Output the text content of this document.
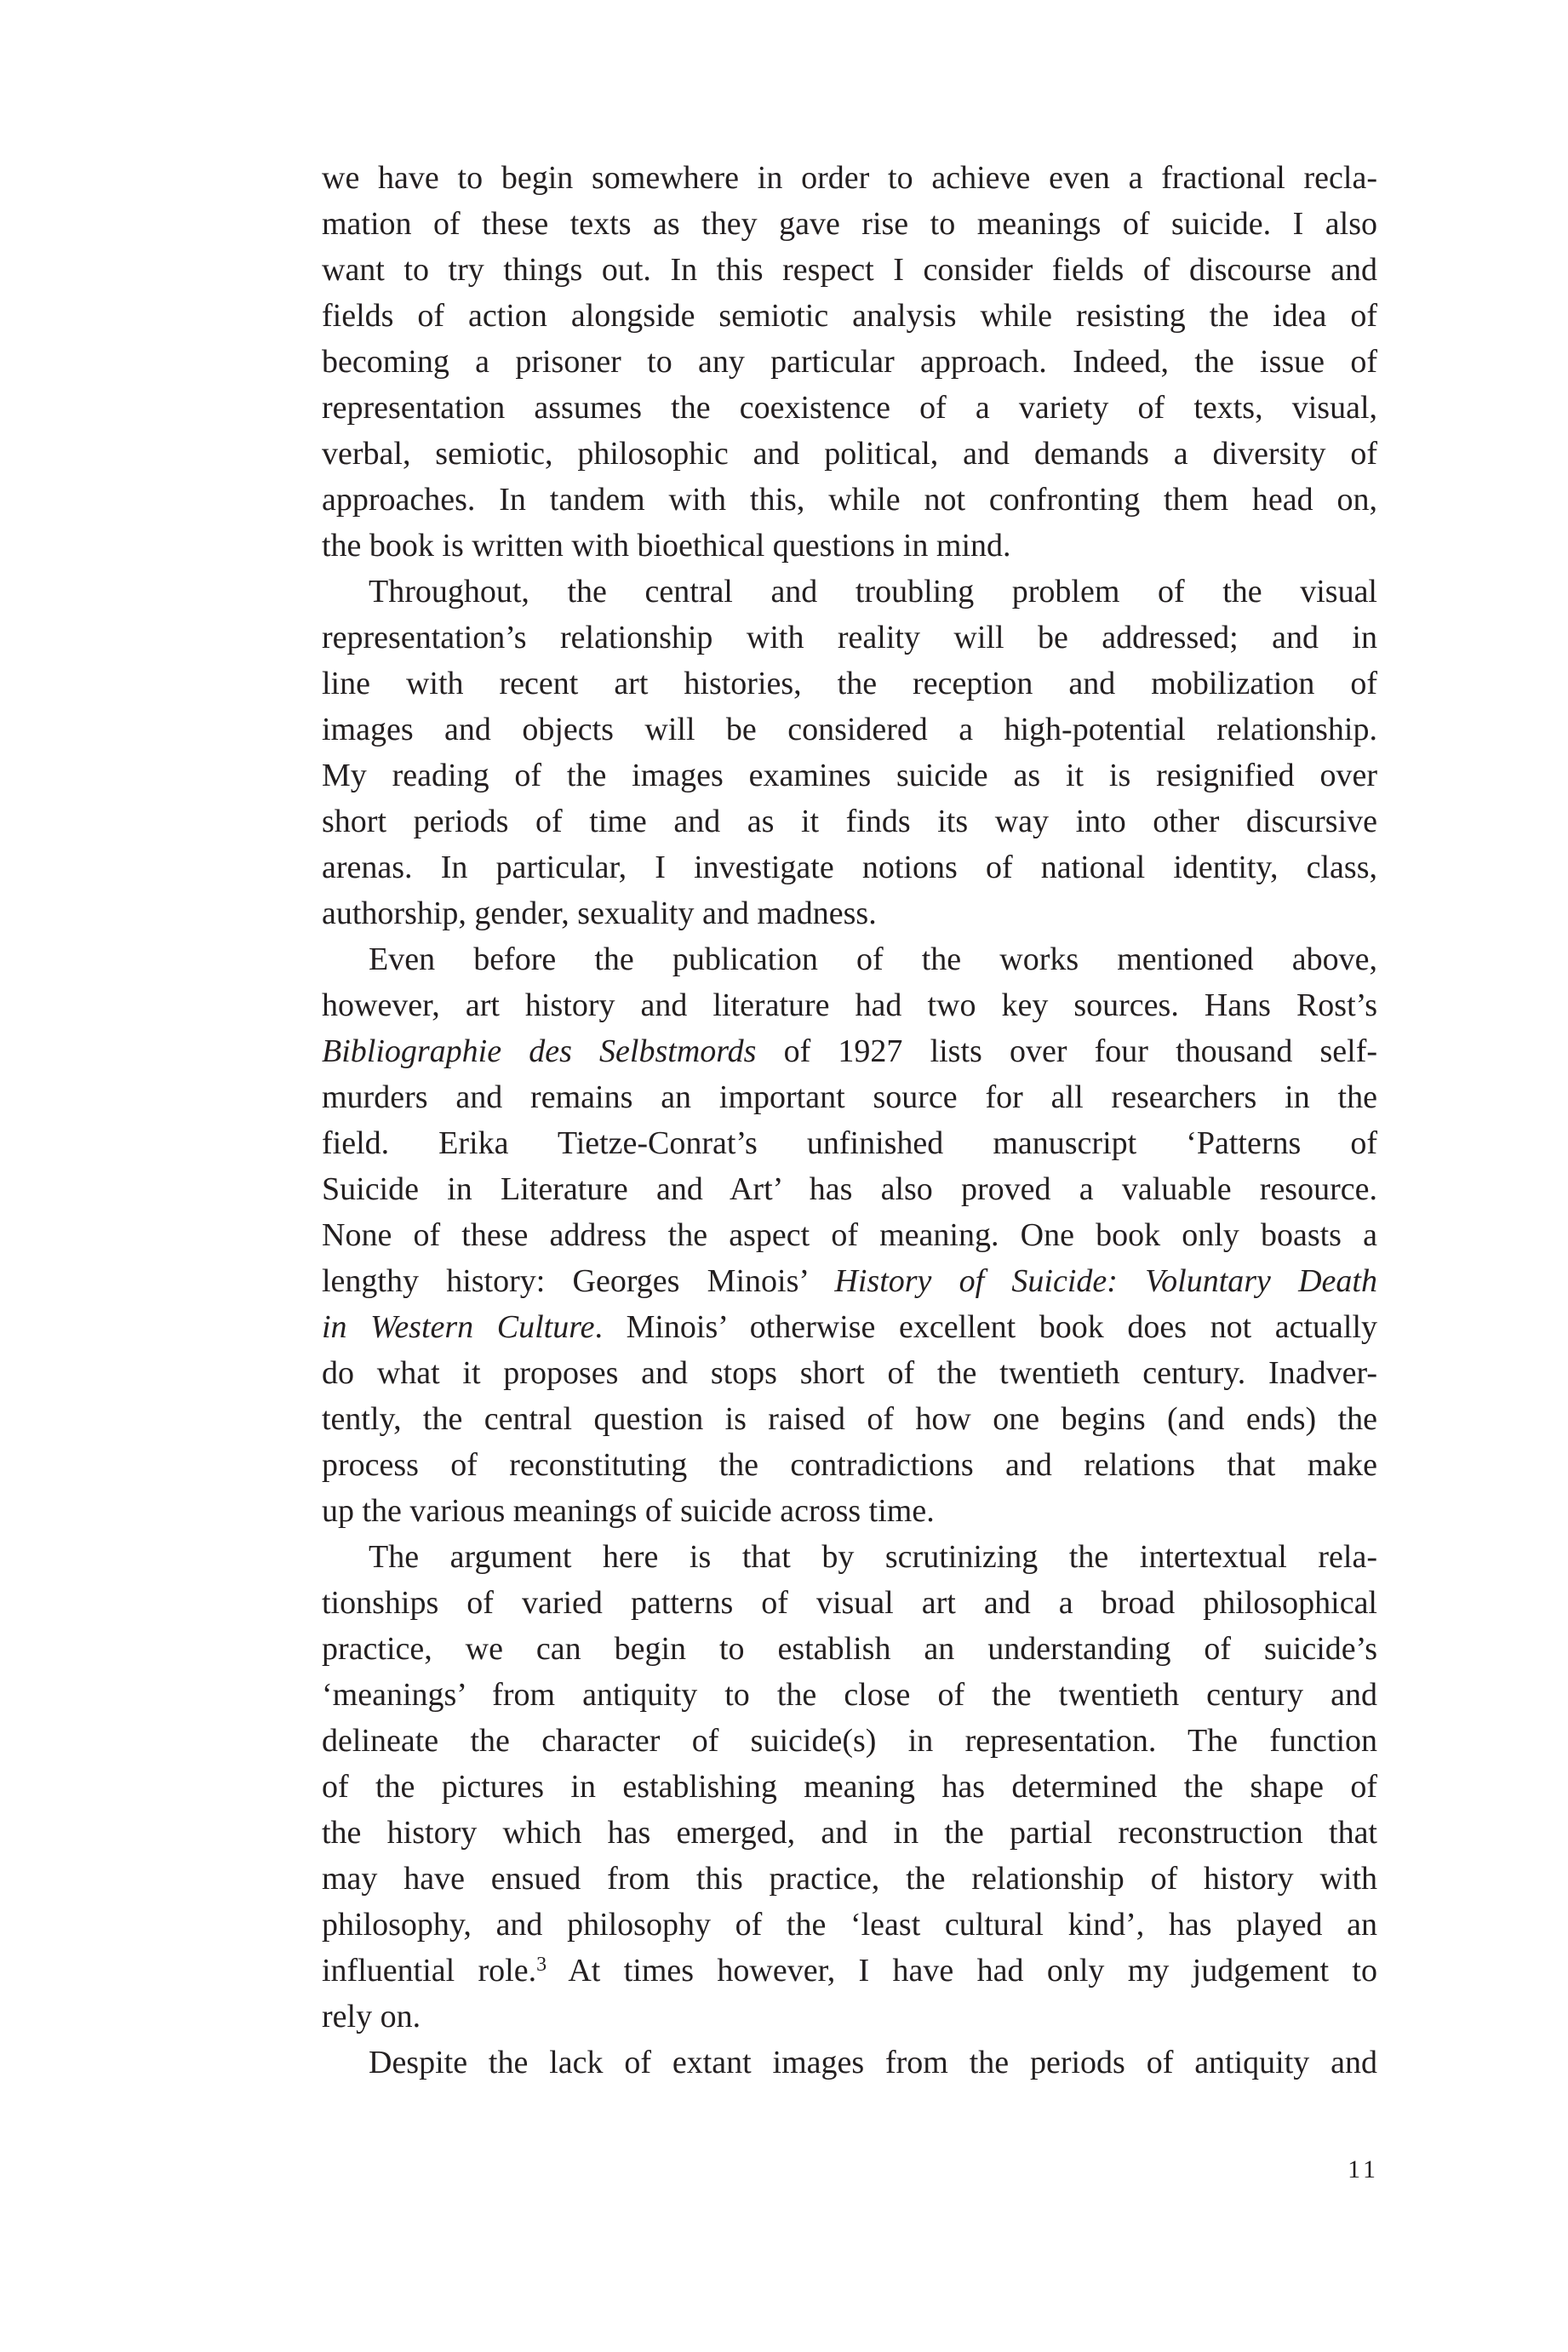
we have to begin somewhere in order to achieve even a fractional recla-
mation of these texts as they gave rise to meanings of suicide. I also
want to try things out. In this respect I consider fields of discourse and
fields of action alongside semiotic analysis while resisting the idea of
becoming a prisoner to any particular approach. Indeed, the issue of
representation assumes the coexistence of a variety of texts, visual,
verbal, semiotic, philosophic and political, and demands a diversity of
approaches. In tandem with this, while not confronting them head on,
the book is written with bioethical questions in mind.
Throughout, the central and troubling problem of the visual
representation’s relationship with reality will be addressed; and in
line with recent art histories, the reception and mobilization of
images and objects will be considered a high-potential relationship.
My reading of the images examines suicide as it is resignified over
short periods of time and as it finds its way into other discursive
arenas. In particular, I investigate notions of national identity, class,
authorship, gender, sexuality and madness.
Even before the publication of the works mentioned above,
however, art history and literature had two key sources. Hans Rost’s
Bibliographie des Selbstmords of 1927 lists over four thousand self-
murders and remains an important source for all researchers in the
field. Erika Tietze-Conrat’s unfinished manuscript ‘Patterns of
Suicide in Literature and Art’ has also proved a valuable resource.
None of these address the aspect of meaning. One book only boasts a
lengthy history: Georges Minois’ History of Suicide: Voluntary Death
in Western Culture. Minois’ otherwise excellent book does not actually
do what it proposes and stops short of the twentieth century. Inadver-
tently, the central question is raised of how one begins (and ends) the
process of reconstituting the contradictions and relations that make
up the various meanings of suicide across time.
The argument here is that by scrutinizing the intertextual rela-
tionships of varied patterns of visual art and a broad philosophical
practice, we can begin to establish an understanding of suicide’s
‘meanings’ from antiquity to the close of the twentieth century and
delineate the character of suicide(s) in representation. The function
of the pictures in establishing meaning has determined the shape of
the history which has emerged, and in the partial reconstruction that
may have ensued from this practice, the relationship of history with
philosophy, and philosophy of the ‘least cultural kind’, has played an
influential role.$^3$ At times however, I have had only my judgement to
rely on.
Despite the lack of extant images from the periods of antiquity and
11
